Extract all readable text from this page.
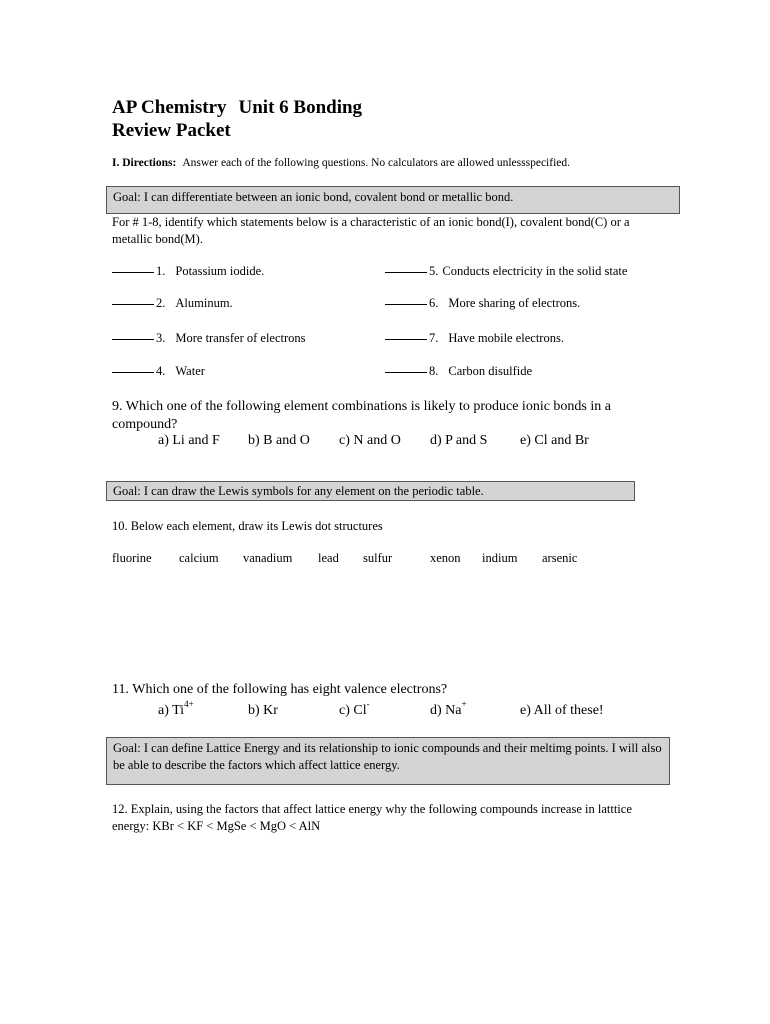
AP Chemistry Unit 6 Bonding
Review Packet
I. Directions: Answer each of the following questions. No calculators are allowed unlessspecified.
Goal: I can differentiate between an ionic bond, covalent bond or metallic bond.
For # 1-8, identify which statements below is a characteristic of an ionic bond(I), covalent bond(C) or a metallic bond(M).
1. Potassium iodide.
2. Aluminum.
3. More transfer of electrons
4. Water
5. Conducts electricity in the solid state
6. More sharing of electrons.
7. Have mobile electrons.
8. Carbon disulfide
9. Which one of the following element combinations is likely to produce ionic bonds in a compound?
a) Li and F b) B and O c) N and O d) P and S e) Cl and Br
Goal: I can draw the Lewis symbols for any element on the periodic table.
10. Below each element, draw its Lewis dot structures
fluorine calcium vanadium lead sulfur	xenon indium arsenic
11. Which one of the following has eight valence electrons?
a) $Ti^{4+}$	b) Kr	c) Cl-	d) Na+	e) All of these!
Goal: I can define Lattice Energy and its relationship to ionic compounds and their meltimg points. I will also be able to describe the factors which affect lattice energy.
12. Explain, using the factors that affect lattice energy why the following compounds increase in latttice energy: KBr < KF < MgSe < MgO < AlN
